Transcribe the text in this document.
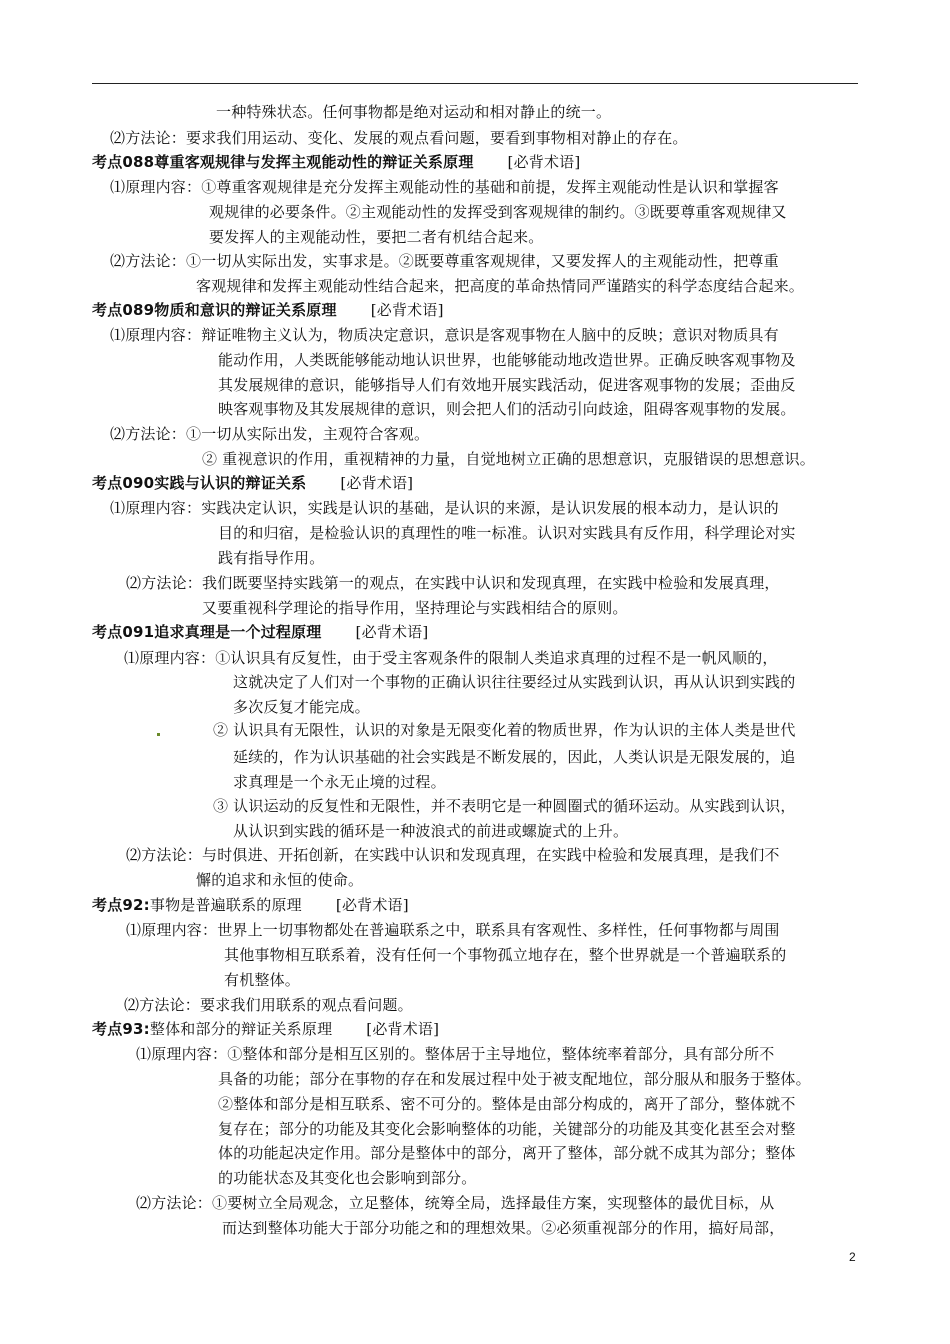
一种特殊状态。任何事物都是绝对运动和相对静止的统一。
⑵方法论：要求我们用运动、变化、发展的观点看问题，要看到事物相对静止的存在。
考点088尊重客观规律与发挥主观能动性的辩证关系原理 [必背术语]
⑴原理内容：①尊重客观规律是充分发挥主观能动性的基础和前提，发挥主观能动性是认识和掌握客
观规律的必要条件。②主观能动性的发挥受到客观规律的制约。③既要尊重客观规律又
要发挥人的主观能动性，要把二者有机结合起来。
⑵方法论：①一切从实际出发，实事求是。②既要尊重客观规律，又要发挥人的主观能动性，把尊重
客观规律和发挥主观能动性结合起来，把高度的革命热情同严谨踏实的科学态度结合起来。
考点089物质和意识的辩证关系原理 [必背术语]
⑴原理内容：辩证唯物主义认为，物质决定意识，意识是客观事物在人脑中的反映；意识对物质具有
能动作用，人类既能够能动地认识世界，也能够能动地改造世界。正确反映客观事物及
其发展规律的意识，能够指导人们有效地开展实践活动，促进客观事物的发展；歪曲反
映客观事物及其发展规律的意识，则会把人们的活动引向歧途，阻碍客观事物的发展。
⑵方法论：①一切从实际出发，主观符合客观。
② 重视意识的作用，重视精神的力量，自觉地树立正确的思想意识，克服错误的思想意识。
考点090实践与认识的辩证关系 [必背术语]
⑴原理内容：实践决定认识，实践是认识的基础，是认识的来源，是认识发展的根本动力，是认识的
目的和归宿，是检验认识的真理性的唯一标准。认识对实践具有反作用，科学理论对实
践有指导作用。
⑵方法论：我们既要坚持实践第一的观点，在实践中认识和发现真理，在实践中检验和发展真理，
又要重视科学理论的指导作用，坚持理论与实践相结合的原则。
考点091追求真理是一个过程原理 [必背术语]
⑴原理内容：①认识具有反复性，由于受主客观条件的限制人类追求真理的过程不是一帆风顺的，
这就决定了人们对一个事物的正确认识往往要经过从实践到认识，再从认识到实践的
多次反复才能完成。
② 认识具有无限性，认识的对象是无限变化着的物质世界，作为认识的主体人类是世代
延续的，作为认识基础的社会实践是不断发展的，因此，人类认识是无限发展的，追
求真理是一个永无止境的过程。
③ 认识运动的反复性和无限性，并不表明它是一种圆圈式的循环运动。从实践到认识，
从认识到实践的循环是一种波浪式的前进或螺旋式的上升。
⑵方法论：与时俱进、开拓创新，在实践中认识和发现真理，在实践中检验和发展真理，是我们不
懈的追求和永恒的使命。
考点92:事物是普遍联系的原理 [必背术语]
⑴原理内容：世界上一切事物都处在普遍联系之中，联系具有客观性、多样性，任何事物都与周围
其他事物相互联系着，没有任何一个事物孤立地存在，整个世界就是一个普遍联系的
有机整体。
⑵方法论：要求我们用联系的观点看问题。
考点93:整体和部分的辩证关系原理 [必背术语]
⑴原理内容：①整体和部分是相互区别的。整体居于主导地位，整体统率着部分，具有部分所不
具备的功能；部分在事物的存在和发展过程中处于被支配地位，部分服从和服务于整体。
②整体和部分是相互联系、密不可分的。整体是由部分构成的，离开了部分，整体就不
复存在；部分的功能及其变化会影响整体的功能，关键部分的功能及其变化甚至会对整
体的功能起决定作用。部分是整体中的部分，离开了整体，部分就不成其为部分；整体
的功能状态及其变化也会影响到部分。
⑵方法论：①要树立全局观念，立足整体，统筹全局，选择最佳方案，实现整体的最优目标，从
而达到整体功能大于部分功能之和的理想效果。②必须重视部分的作用，搞好局部，
2
